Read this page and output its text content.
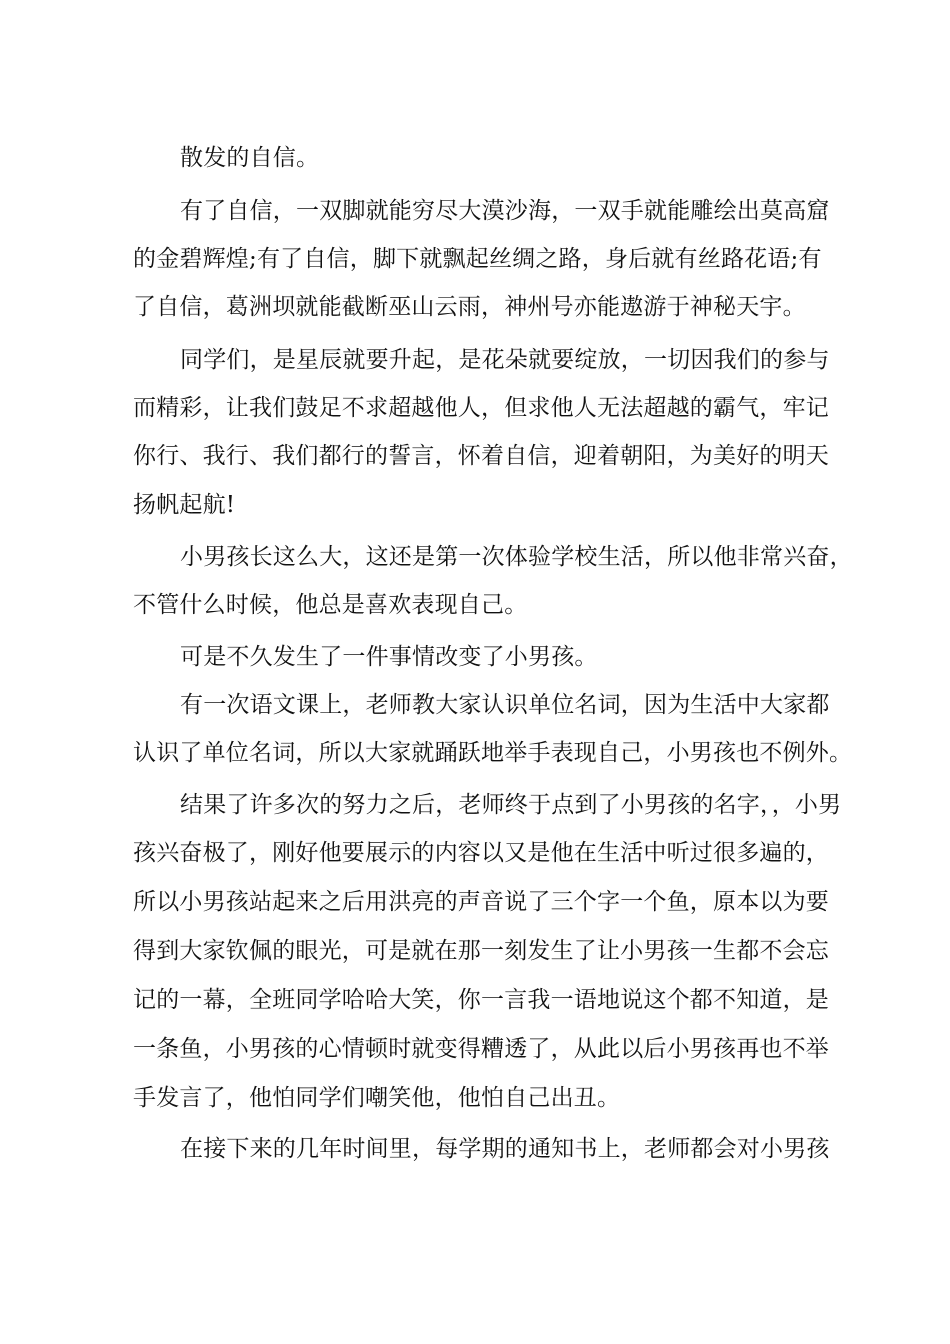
散发的自信。
有了自信，一双脚就能穷尽大漠沙海，一双手就能雕绘出莫高窟
的金碧辉煌;有了自信，脚下就飘起丝绸之路，身后就有丝路花语;有
了自信，葛洲坝就能截断巫山云雨，神州号亦能遨游于神秘天宇。
同学们，是星辰就要升起，是花朵就要绽放，一切因我们的参与
而精彩，让我们鼓足不求超越他人，但求他人无法超越的霸气，牢记
你行、我行、我们都行的誓言，怀着自信，迎着朝阳，为美好的明天
扬帆起航!
小男孩长这么大，这还是第一次体验学校生活，所以他非常兴奋，
不管什么时候，他总是喜欢表现自己。
可是不久发生了一件事情改变了小男孩。
有一次语文课上，老师教大家认识单位名词，因为生活中大家都
认识了单位名词，所以大家就踊跃地举手表现自己，小男孩也不例外。
结果了许多次的努力之后，老师终于点到了小男孩的名字，，小男
孩兴奋极了，刚好他要展示的内容以又是他在生活中听过很多遍的，
所以小男孩站起来之后用洪亮的声音说了三个字一个鱼，原本以为要
得到大家钦佩的眼光，可是就在那一刻发生了让小男孩一生都不会忘
记的一幕，全班同学哈哈大笑，你一言我一语地说这个都不知道，是
一条鱼，小男孩的心情顿时就变得糟透了，从此以后小男孩再也不举
手发言了，他怕同学们嘲笑他，他怕自己出丑。
在接下来的几年时间里，每学期的通知书上，老师都会对小男孩
